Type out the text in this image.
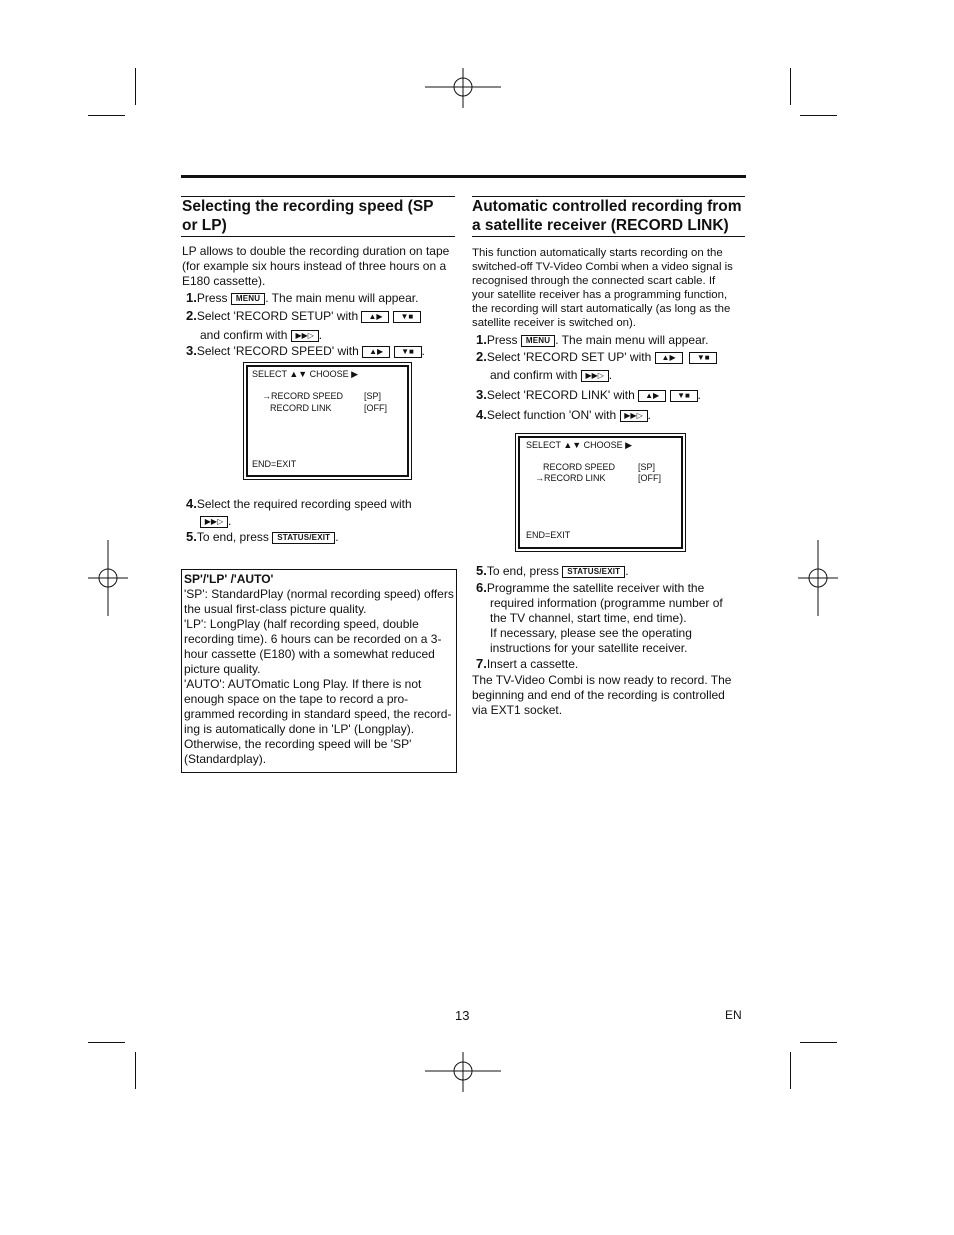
Selecting the recording speed (SP
or LP)
LP allows to double the recording duration on tape
(for example six hours instead of three hours on a
E180 cassette).
1.Press MENU . The main menu will appear.
2.Select 'RECORD SETUP' with ▲▶ ▼■
and confirm with ▶▶▷ .
3.Select 'RECORD SPEED' with ▲▶ ▼■ .
SELECT ▲▼ CHOOSE ▶
→RECORD SPEED [SP]
RECORD LINK	[OFF]
END=EXIT
4.Select the required recording speed with
▶▶▷ .
5.To end, press STATUS/EXIT .
SP'/'LP' /'AUTO'
'SP': StandardPlay (normal recording speed) offers
the usual first-class picture quality.
'LP': LongPlay (half recording speed, double
recording time). 6 hours can be recorded on a 3-
hour cassette (E180) with a somewhat reduced
picture quality.
'AUTO': AUTOmatic Long Play. If there is not
enough space on the tape to record a pro-
grammed recording in standard speed, the record-
ing is automatically done in 'LP' (Longplay).
Otherwise, the recording speed will be 'SP'
(Standardplay).
Automatic controlled recording from
a satellite receiver (RECORD LINK)
This function automatically starts recording on the
switched-off TV-Video Combi when a video signal is
recognised through the connected scart cable. If
your satellite receiver has a programming function,
the recording will start automatically (as long as the
satellite receiver is switched on).
1.Press MENU . The main menu will appear.
2.Select 'RECORD SET UP' with ▲▶	▼■
and confirm with ▶▶▷ .
3.Select 'RECORD LINK' with ▲▶ ▼■ .
4.Select function 'ON' with ▶▶▷ .
SELECT ▲▼ CHOOSE ▶
RECORD SPEED	[SP]
→RECORD LINK	[OFF]
END=EXIT
5.To end, press STATUS/EXIT .
6.Programme the satellite receiver with the
required information (programme number of
the TV channel, start time, end time).
If necessary, please see the operating
instructions for your satellite receiver.
7.Insert a cassette.
The TV-Video Combi is now ready to record. The
beginning and end of the recording is controlled
via EXT1 socket.
13	EN
